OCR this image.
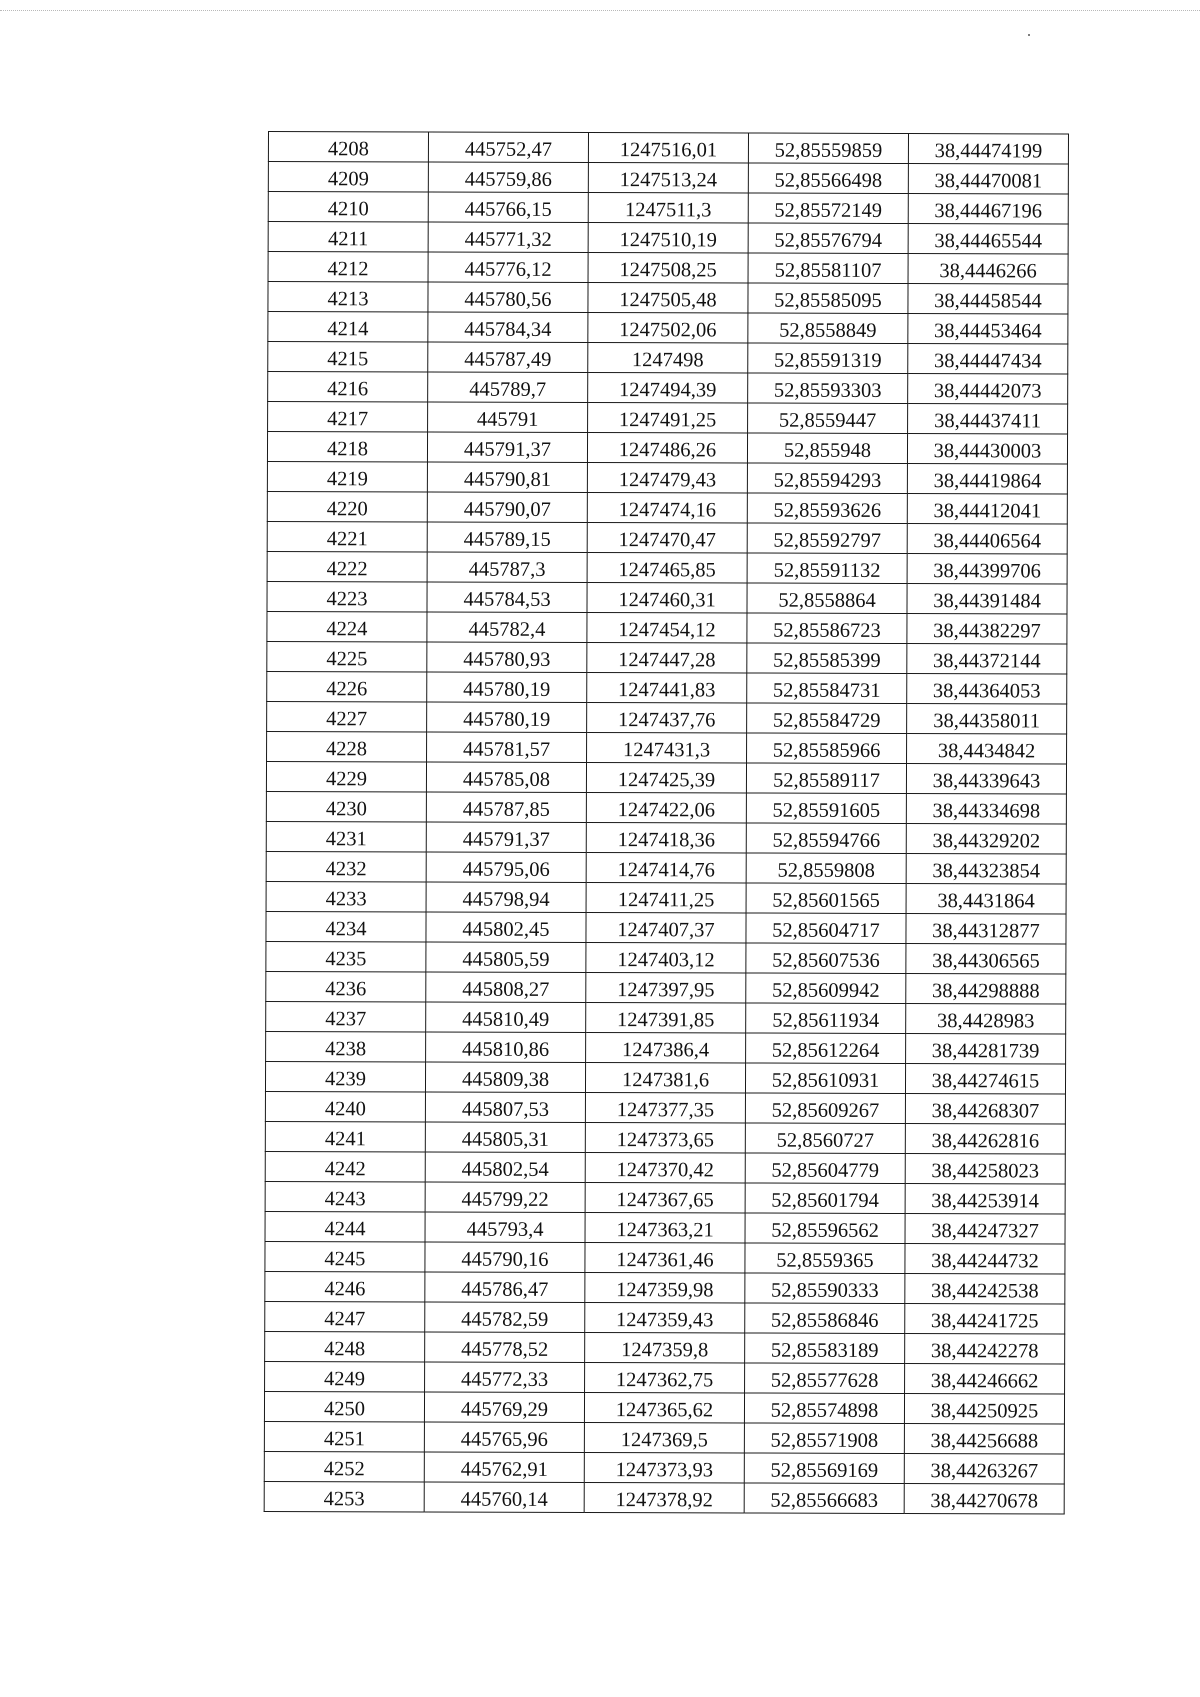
4208	445752,47	1247516,01	52,85559859	38,44474199
4209	445759,86	1247513,24	52,85566498	38,44470081
4210	445766,15	1247511,3	52,85572149	38,44467196
4211	445771,32	1247510,19	52,85576794	38,44465544
4212	445776,12	1247508,25	52,85581107	38,4446266
4213	445780,56	1247505,48	52,85585095	38,44458544
4214	445784,34	1247502,06	52,8558849	38,44453464
4215	445787,49	1247498	52,85591319	38,44447434
4216	445789,7	1247494,39	52,85593303	38,44442073
4217	445791	1247491,25	52,8559447	38,44437411
4218	445791,37	1247486,26	52,855948	38,44430003
4219	445790,81	1247479,43	52,85594293	38,44419864
4220	445790,07	1247474,16	52,85593626	38,44412041
4221	445789,15	1247470,47	52,85592797	38,44406564
4222	445787,3	1247465,85	52,85591132	38,44399706
4223	445784,53	1247460,31	52,8558864	38,44391484
4224	445782,4	1247454,12	52,85586723	38,44382297
4225	445780,93	1247447,28	52,85585399	38,44372144
4226	445780,19	1247441,83	52,85584731	38,44364053
4227	445780,19	1247437,76	52,85584729	38,44358011
4228	445781,57	1247431,3	52,85585966	38,4434842
4229	445785,08	1247425,39	52,85589117	38,44339643
4230	445787,85	1247422,06	52,85591605	38,44334698
4231	445791,37	1247418,36	52,85594766	38,44329202
4232	445795,06	1247414,76	52,8559808	38,44323854
4233	445798,94	1247411,25	52,85601565	38,4431864
4234	445802,45	1247407,37	52,85604717	38,44312877
4235	445805,59	1247403,12	52,85607536	38,44306565
4236	445808,27	1247397,95	52,85609942	38,44298888
4237	445810,49	1247391,85	52,85611934	38,4428983
4238	445810,86	1247386,4	52,85612264	38,44281739
4239	445809,38	1247381,6	52,85610931	38,44274615
4240	445807,53	1247377,35	52,85609267	38,44268307
4241	445805,31	1247373,65	52,8560727	38,44262816
4242	445802,54	1247370,42	52,85604779	38,44258023
4243	445799,22	1247367,65	52,85601794	38,44253914
4244	445793,4	1247363,21	52,85596562	38,44247327
4245	445790,16	1247361,46	52,8559365	38,44244732
4246	445786,47	1247359,98	52,85590333	38,44242538
4247	445782,59	1247359,43	52,85586846	38,44241725
4248	445778,52	1247359,8	52,85583189	38,44242278
4249	445772,33	1247362,75	52,85577628	38,44246662
4250	445769,29	1247365,62	52,85574898	38,44250925
4251	445765,96	1247369,5	52,85571908	38,44256688
4252	445762,91	1247373,93	52,85569169	38,44263267
4253	445760,14	1247378,92	52,85566683	38,44270678
